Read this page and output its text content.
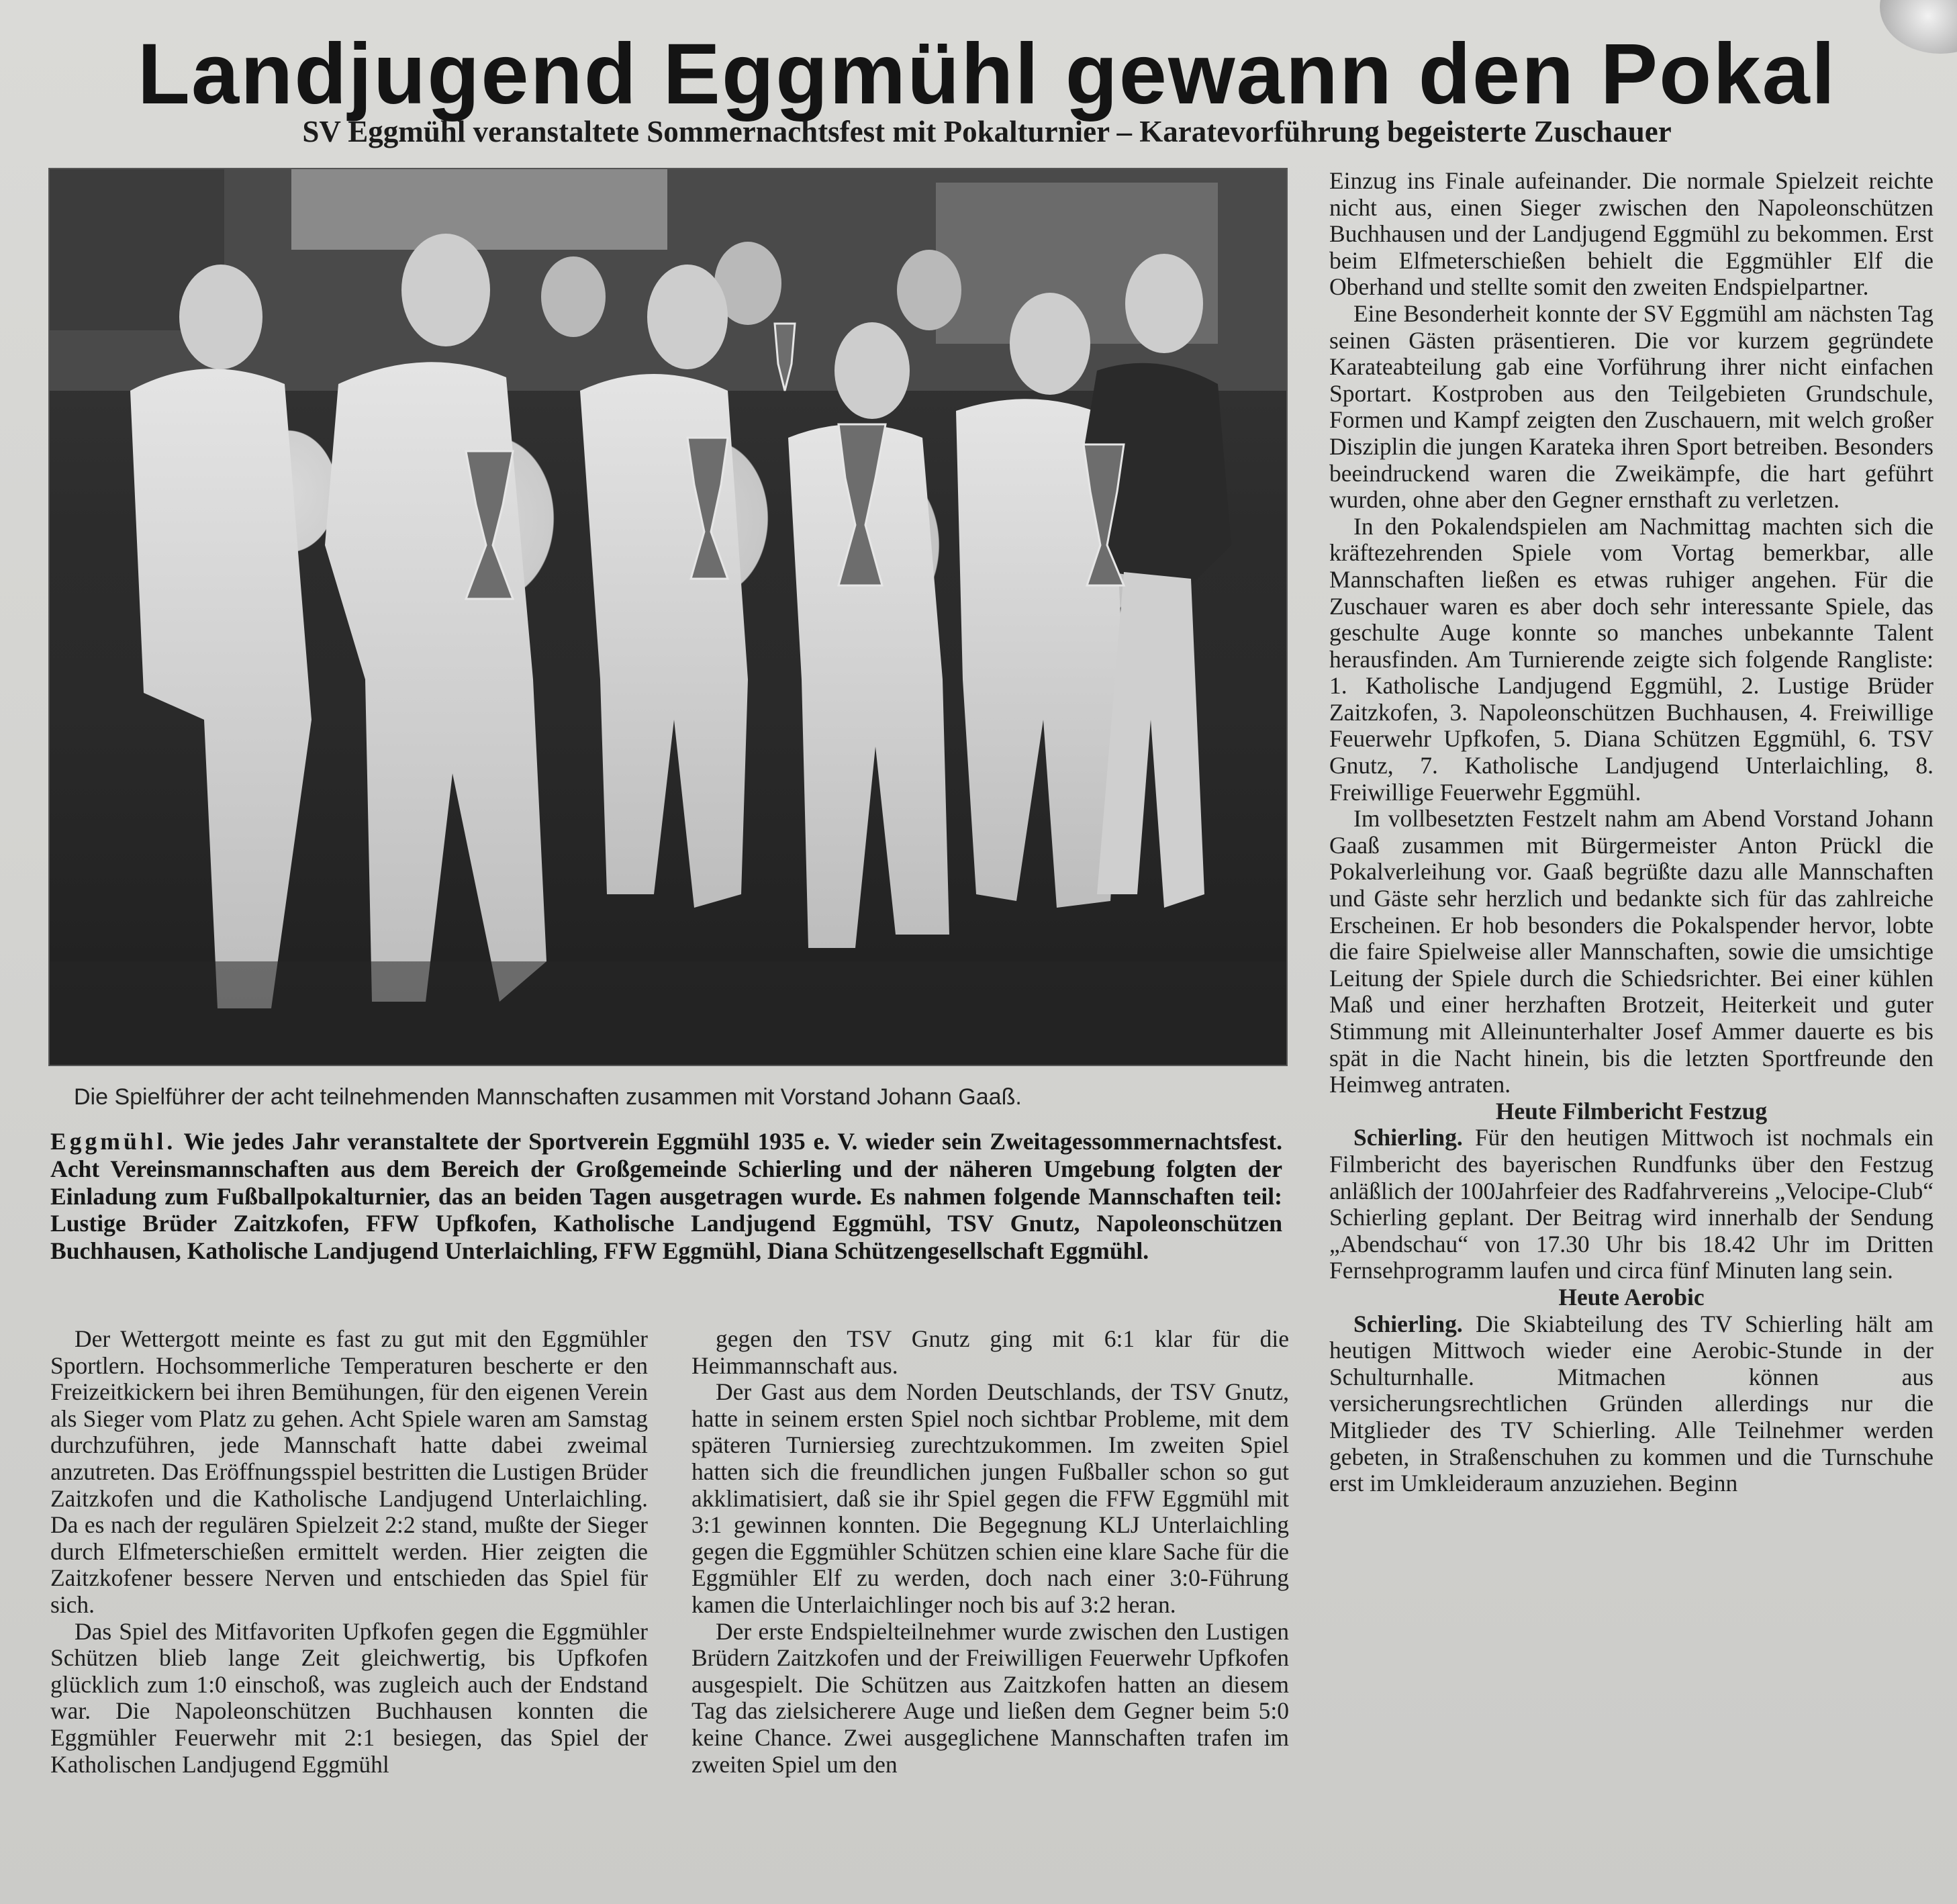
Landjugend Eggmühl gewann den Pokal
SV Eggmühl veranstaltete Sommernachtsfest mit Pokalturnier – Karatevorführung begeisterte Zuschauer
Die Spielführer der acht teilnehmenden Mannschaften zusammen mit Vorstand Johann Gaaß.
Eggmühl. Wie jedes Jahr veranstaltete der Sportverein Eggmühl 1935 e. V. wieder sein Zweitagessommernachtsfest. Acht Vereinsmannschaften aus dem Bereich der Großgemeinde Schierling und der näheren Umgebung folgten der Einladung zum Fußballpokalturnier, das an beiden Tagen ausgetragen wurde. Es nahmen folgende Mannschaften teil: Lustige Brüder Zaitzkofen, FFW Upfkofen, Katholische Landjugend Eggmühl, TSV Gnutz, Napoleonschützen Buchhausen, Katholische Landjugend Unterlaichling, FFW Eggmühl, Diana Schützengesellschaft Eggmühl.

Der Wettergott meinte es fast zu gut mit den Eggmühler Sportlern. Hochsommerliche Temperaturen bescherte er den Freizeitkickern bei ihren Bemühungen, für den eigenen Verein als Sieger vom Platz zu gehen. Acht Spiele waren am Samstag durchzuführen, jede Mannschaft hatte dabei zweimal anzutreten. Das Eröffnungsspiel bestritten die Lustigen Brüder Zaitzkofen und die Katholische Landjugend Unterlaichling. Da es nach der regulären Spielzeit 2:2 stand, mußte der Sieger durch Elfmeterschießen ermittelt werden. Hier zeigten die Zaitzkofener bessere Nerven und entschieden das Spiel für sich.

Das Spiel des Mitfavoriten Upfkofen gegen die Eggmühler Schützen blieb lange Zeit gleichwertig, bis Upfkofen glücklich zum 1:0 einschoß, was zugleich auch der Endstand war. Die Napoleonschützen Buchhausen konnten die Eggmühler Feuerwehr mit 2:1 besiegen, das Spiel der Katholischen Landjugend Eggmühl

gegen den TSV Gnutz ging mit 6:1 klar für die Heimmannschaft aus.

Der Gast aus dem Norden Deutschlands, der TSV Gnutz, hatte in seinem ersten Spiel noch sichtbar Probleme, mit dem späteren Turniersieg zurechtzukommen. Im zweiten Spiel hatten sich die freundlichen jungen Fußballer schon so gut akklimatisiert, daß sie ihr Spiel gegen die FFW Eggmühl mit 3:1 gewinnen konnten. Die Begegnung KLJ Unterlaichling gegen die Eggmühler Schützen schien eine klare Sache für die Eggmühler Elf zu werden, doch nach einer 3:0-Führung kamen die Unterlaichlinger noch bis auf 3:2 heran.

Der erste Endspielteilnehmer wurde zwischen den Lustigen Brüdern Zaitzkofen und der Freiwilligen Feuerwehr Upfkofen ausgespielt. Die Schützen aus Zaitzkofen hatten an diesem Tag das zielsicherere Auge und ließen dem Gegner beim 5:0 keine Chance. Zwei ausgeglichene Mannschaften trafen im zweiten Spiel um den

Einzug ins Finale aufeinander. Die normale Spielzeit reichte nicht aus, einen Sieger zwischen den Napoleonschützen Buchhausen und der Landjugend Eggmühl zu bekommen. Erst beim Elfmeterschießen behielt die Eggmühler Elf die Oberhand und stellte somit den zweiten Endspielpartner.

Eine Besonderheit konnte der SV Eggmühl am nächsten Tag seinen Gästen präsentieren. Die vor kurzem gegründete Karateabteilung gab eine Vorführung ihrer nicht einfachen Sportart. Kostproben aus den Teilgebieten Grundschule, Formen und Kampf zeigten den Zuschauern, mit welch großer Disziplin die jungen Karateka ihren Sport betreiben. Besonders beeindruckend waren die Zweikämpfe, die hart geführt wurden, ohne aber den Gegner ernsthaft zu verletzen.

In den Pokalendspielen am Nachmittag machten sich die kräftezehrenden Spiele vom Vortag bemerkbar, alle Mannschaften ließen es etwas ruhiger angehen. Für die Zuschauer waren es aber doch sehr interessante Spiele, das geschulte Auge konnte so manches unbekannte Talent herausfinden. Am Turnierende zeigte sich folgende Rangliste: 1. Katholische Landjugend Eggmühl, 2. Lustige Brüder Zaitzkofen, 3. Napoleonschützen Buchhausen, 4. Freiwillige Feuerwehr Upfkofen, 5. Diana Schützen Eggmühl, 6. TSV Gnutz, 7. Katholische Landjugend Unterlaichling, 8. Freiwillige Feuerwehr Eggmühl.

Im vollbesetzten Festzelt nahm am Abend Vorstand Johann Gaaß zusammen mit Bürgermeister Anton Prückl die Pokalverleihung vor. Gaaß begrüßte dazu alle Mannschaften und Gäste sehr herzlich und bedankte sich für das zahlreiche Erscheinen. Er hob besonders die Pokalspender hervor, lobte die faire Spielweise aller Mannschaften, sowie die umsichtige Leitung der Spiele durch die Schiedsrichter. Bei einer kühlen Maß und einer herzhaften Brotzeit, Heiterkeit und guter Stimmung mit Alleinunterhalter Josef Ammer dauerte es bis spät in die Nacht hinein, bis die letzten Sportfreunde den Heimweg antraten.

Heute Filmbericht Festzug

Schierling. Für den heutigen Mittwoch ist nochmals ein Filmbericht des bayerischen Rundfunks über den Festzug anläßlich der 100Jahrfeier des Radfahrvereins „Velocipe-Club“ Schierling geplant. Der Beitrag wird innerhalb der Sendung „Abendschau“ von 17.30 Uhr bis 18.42 Uhr im Dritten Fernsehprogramm laufen und circa fünf Minuten lang sein.

Heute Aerobic

Schierling. Die Skiabteilung des TV Schierling hält am heutigen Mittwoch wieder eine Aerobic-Stunde in der Schulturnhalle. Mitmachen können aus versicherungsrechtlichen Gründen allerdings nur die Mitglieder des TV Schierling. Alle Teilnehmer werden gebeten, in Straßenschuhen zu kommen und die Turnschuhe erst im Umkleideraum anzuziehen. Beginn
